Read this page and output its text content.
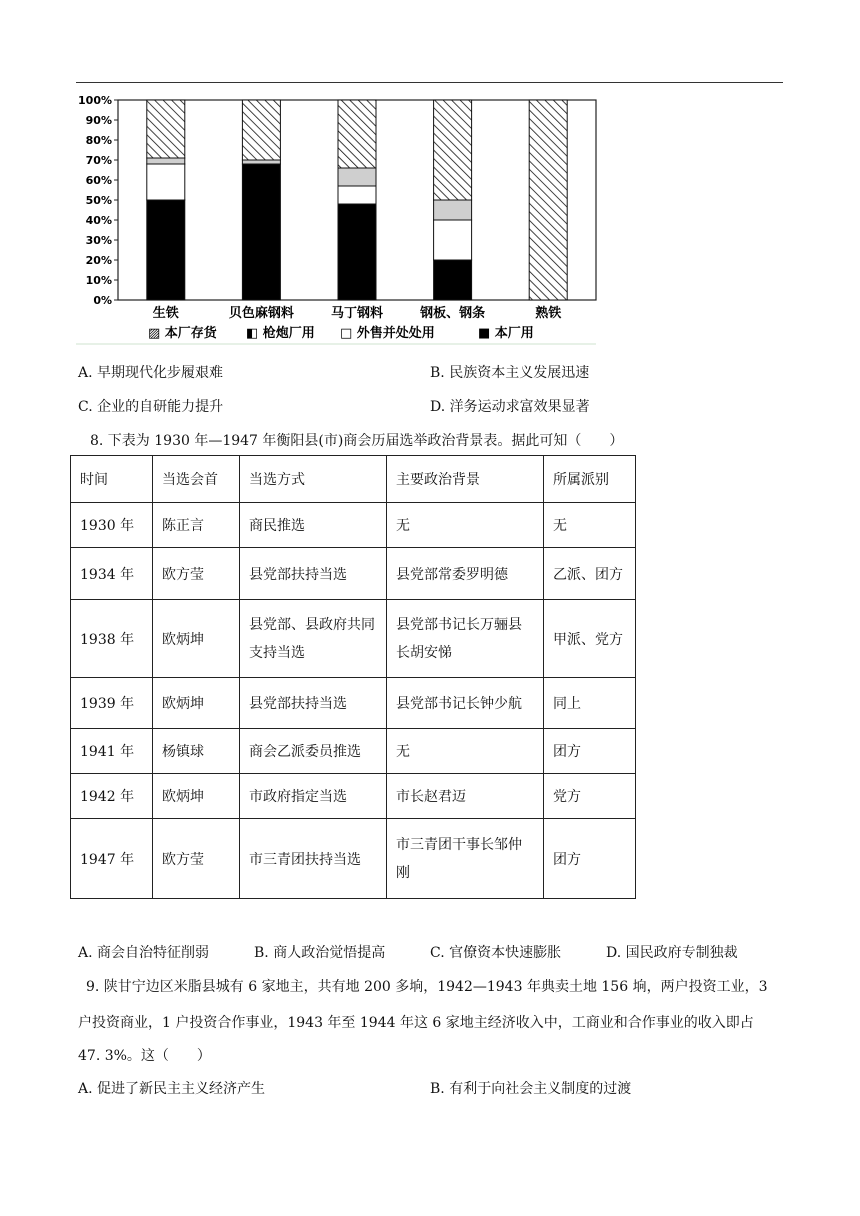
0%
10%
20%
30%
40%
50%
60%
70%
80%
90%
100%
生铁	贝色麻钢料	马丁钢料	钢板、钢条	熟铁
▨ 本厂存货 ◧ 枪炮厂用 □ 外售并处处用	■ 本厂用
A. 早期现代化步履艰难	B. 民族资本主义发展迅速
C. 企业的自研能力提升	D. 洋务运动求富效果显著
8. 下表为 1930 年—1947 年衡阳县(市)商会历届选举政治背景表。据此可知（　　）
时间	当选会首	当选方式	主要政治背景	所属派别
1930 年	陈正言	商民推选	无	无
1934 年	欧方莹	县党部扶持当选	县党部常委罗明德	乙派、团方
1938 年	欧炳坤	县党部、县政府共同支持当选	县党部书记长万骊县长胡安悌	甲派、党方
1939 年	欧炳坤	县党部扶持当选	县党部书记长钟少航	同上
1941 年	杨镇球	商会乙派委员推选	无	团方
1942 年	欧炳坤	市政府指定当选	市长赵君迈	党方
1947 年	欧方莹	市三青团扶持当选	市三青团干事长邹仲刚	团方
A. 商会自治特征削弱	B. 商人政治觉悟提高	C. 官僚资本快速膨胀	D. 国民政府专制独裁
9. 陕甘宁边区米脂县城有 6 家地主，共有地 200 多垧，1942—1943 年典卖土地 156 垧，两户投资工业，3
户投资商业，1 户投资合作事业，1943 年至 1944 年这 6 家地主经济收入中，工商业和合作事业的收入即占
47. 3%。这（　　）
A. 促进了新民主主义经济产生	B. 有利于向社会主义制度的过渡
